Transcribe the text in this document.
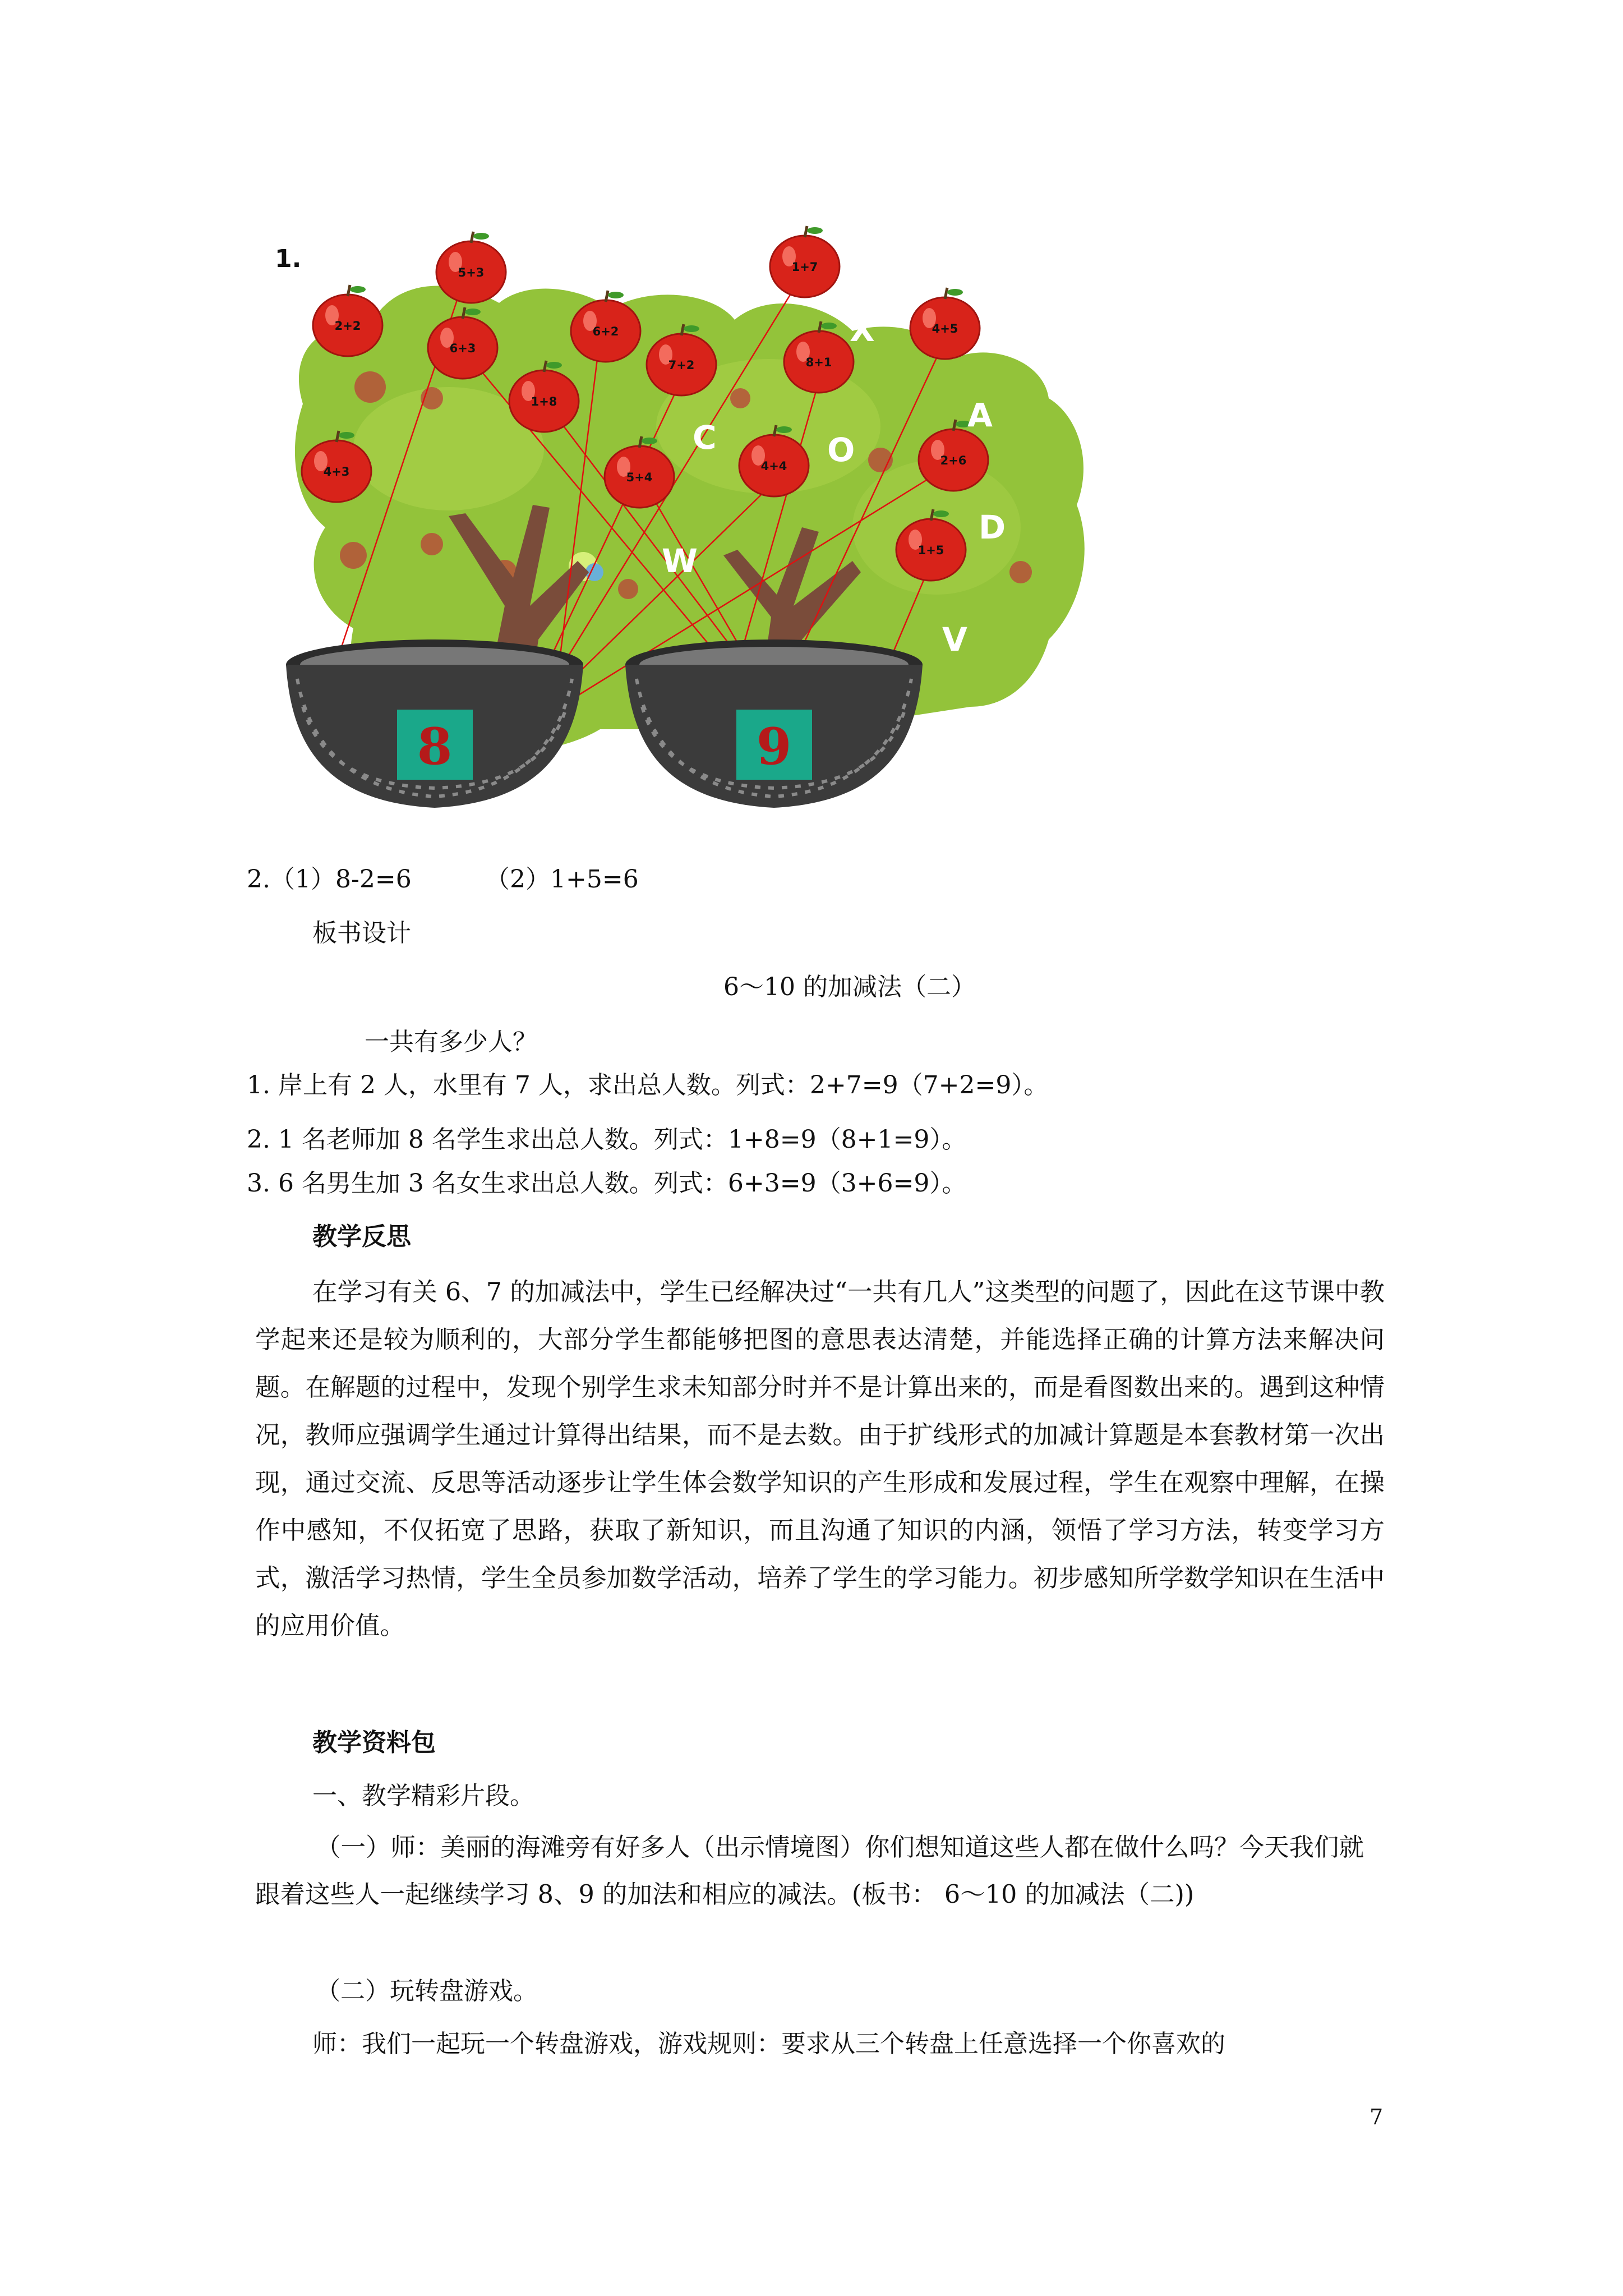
5+3	1+7
2+2
6+3
6+2
7+2	8+1
4+5
1+8
4+3	5+4
4+4	2+6
1+5
X
A
C	O
D
W
V
8	9
1.
2.（1）8-2=6	（2）1+5=6
板书设计
6～10 的加减法（二）
一共有多少人？
1. 岸上有 2 人，水里有 7 人，求出总人数。列式：2+7=9（7+2=9）。
2. 1 名老师加 8 名学生求出总人数。列式：1+8=9（8+1=9）。
3. 6 名男生加 3 名女生求出总人数。列式：6+3=9（3+6=9）。
教学反思
在学习有关 6、7 的加减法中，学生已经解决过“一共有几人”这类型的问题了，因此在这节课中教学起来还是较为顺利的，大部分学生都能够把图的意思表达清楚，并能选择正确的计算方法来解决问题。在解题的过程中，发现个别学生求未知部分时并不是计算出来的，而是看图数出来的。遇到这种情况，教师应强调学生通过计算得出结果，而不是去数。由于扩线形式的加减计算题是本套教材第一次出现，通过交流、反思等活动逐步让学生体会数学知识的产生形成和发展过程，学生在观察中理解，在操作中感知，不仅拓宽了思路，获取了新知识，而且沟通了知识的内涵，领悟了学习方法，转变学习方式，激活学习热情，学生全员参加数学活动，培养了学生的学习能力。初步感知所学数学知识在生活中的应用价值。
教学资料包
一、教学精彩片段。
（一）师：美丽的海滩旁有好多人（出示情境图）你们想知道这些人都在做什么吗？今天我们就跟着这些人一起继续学习 8、9 的加法和相应的减法。(板书： 6～10 的加减法（二))
（二）玩转盘游戏。
师：我们一起玩一个转盘游戏，游戏规则：要求从三个转盘上任意选择一个你喜欢的
7
